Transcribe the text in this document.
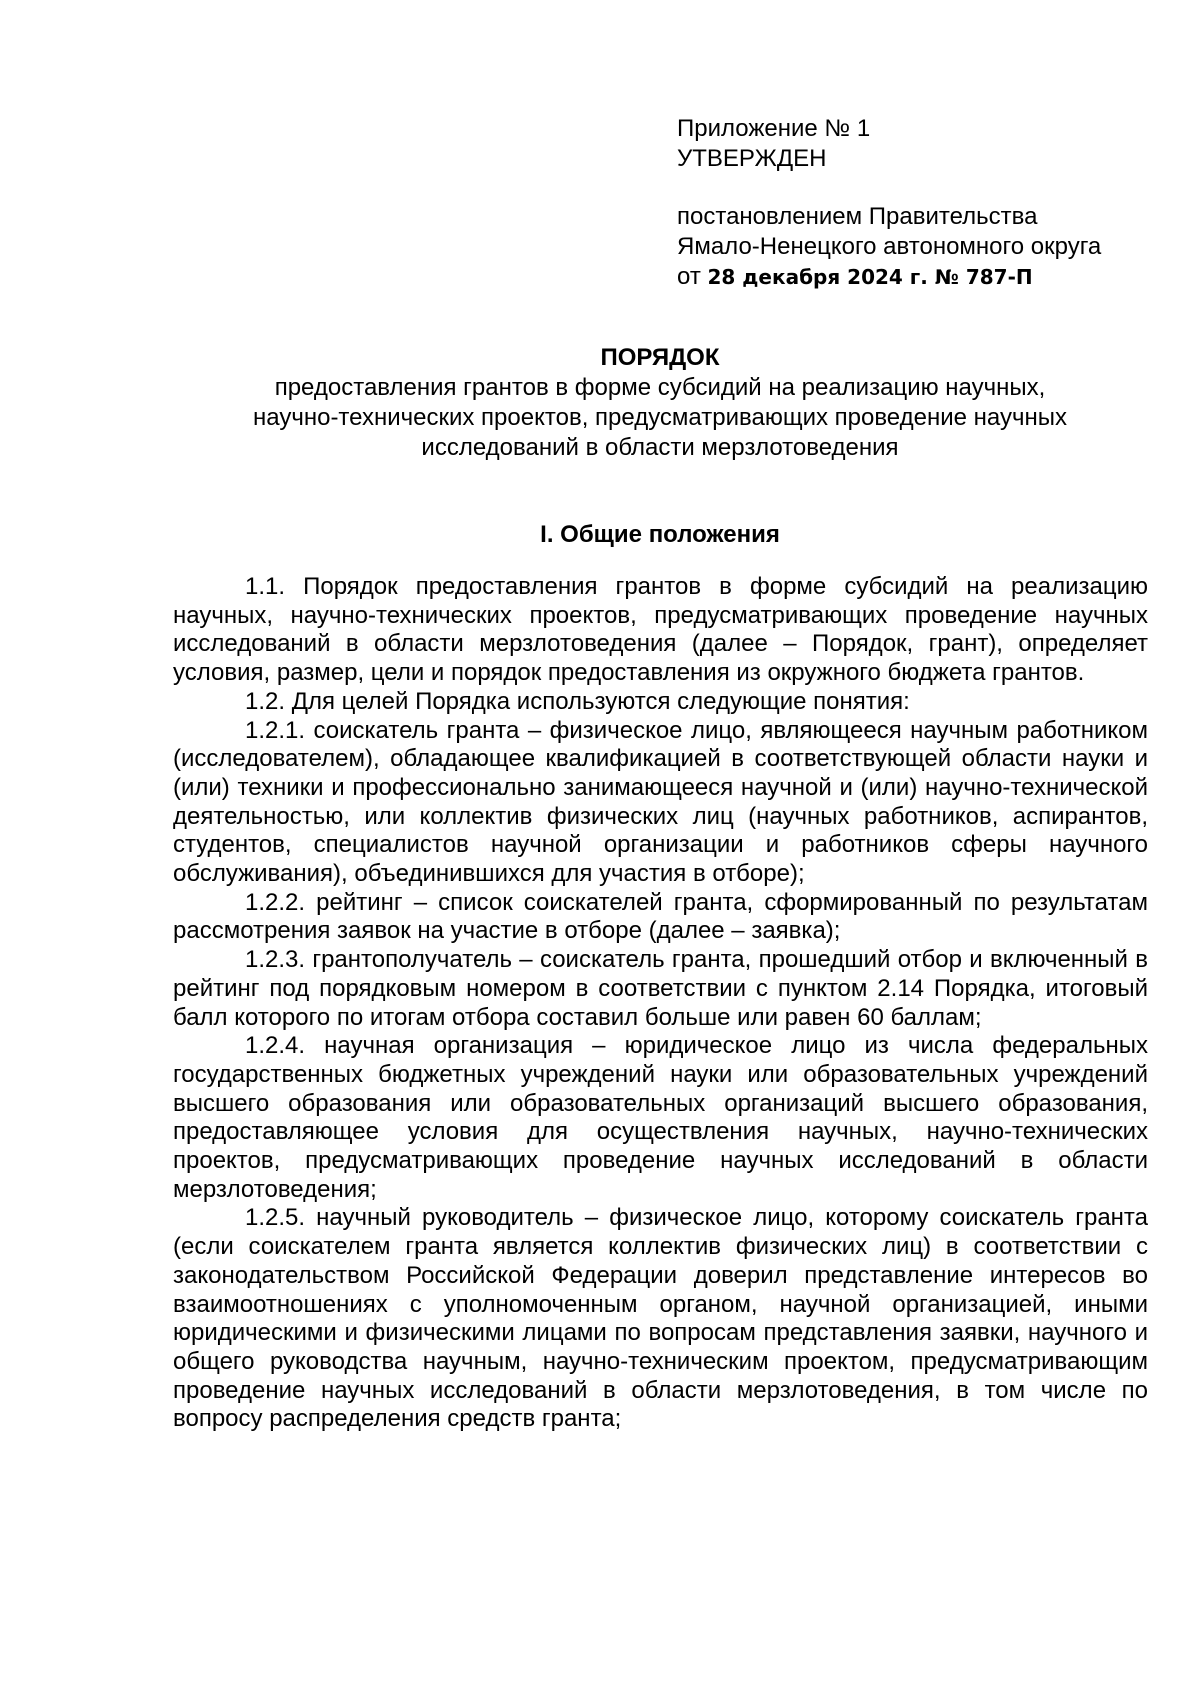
Приложение № 1
УТВЕРЖДЕН
постановлением Правительства
Ямало-Ненецкого автономного округа
от 28 декабря 2024 г. № 787-П
ПОРЯДОК
предоставления грантов в форме субсидий на реализацию научных,
научно-технических проектов, предусматривающих проведение научных
исследований в области мерзлотоведения
I. Общие положения

1.1. Порядок предоставления грантов в форме субсидий на реализацию научных, научно-технических проектов, предусматривающих проведение научных исследований в области мерзлотоведения (далее – Порядок, грант), определяет условия, размер, цели и порядок предоставления из окружного бюджета грантов.

1.2. Для целей Порядка используются следующие понятия:

1.2.1. соискатель гранта – физическое лицо, являющееся научным работником (исследователем), обладающее квалификацией в соответствующей области науки и (или) техники и профессионально занимающееся научной и (или) научно-технической деятельностью, или коллектив физических лиц (научных работников, аспирантов, студентов, специалистов научной организации и работников сферы научного обслуживания), объединившихся для участия в отборе);

1.2.2. рейтинг – список соискателей гранта, сформированный по результатам рассмотрения заявок на участие в отборе (далее – заявка);

1.2.3. грантополучатель – соискатель гранта, прошедший отбор и включенный в рейтинг под порядковым номером в соответствии с пунктом 2.14 Порядка, итоговый балл которого по итогам отбора составил больше или равен 60 баллам;

1.2.4. научная организация – юридическое лицо из числа федеральных государственных бюджетных учреждений науки или образовательных учреждений высшего образования или образовательных организаций высшего образования, предоставляющее условия для осуществления научных, научно-технических проектов, предусматривающих проведение научных исследований в области мерзлотоведения;

1.2.5. научный руководитель – физическое лицо, которому соискатель гранта (если соискателем гранта является коллектив физических лиц) в соответствии с законодательством Российской Федерации доверил представление интересов во взаимоотношениях с уполномоченным органом, научной организацией, иными юридическими и физическими лицами по вопросам представления заявки, научного и общего руководства научным, научно-техническим проектом, предусматривающим проведение научных исследований в области мерзлотоведения, в том числе по вопросу распределения средств гранта;
